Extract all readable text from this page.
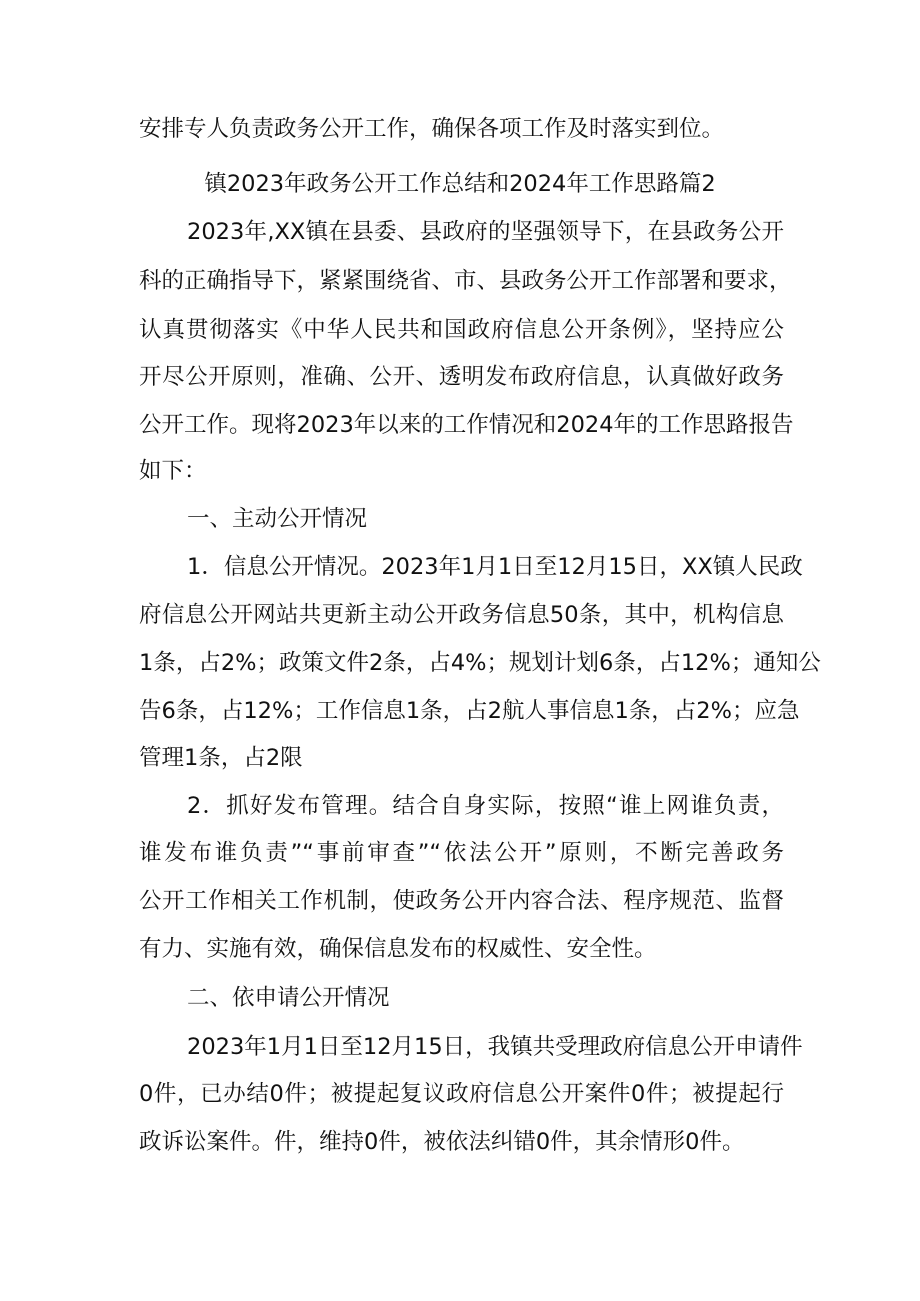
安排专人负责政务公开工作，确保各项工作及时落实到位。

镇2023年政务公开工作总结和2024年工作思路篇2

2023年,XX镇在县委、县政府的坚强领导下，在县政务公开

科的正确指导下，紧紧围绕省、市、县政务公开工作部署和要求，

认真贯彻落实《中华人民共和国政府信息公开条例》，坚持应公

开尽公开原则，准确、公开、透明发布政府信息，认真做好政务

公开工作。现将2023年以来的工作情况和2024年的工作思路报告

如下：

一、主动公开情况

1．信息公开情况。2023年1月1日至12月15日，XX镇人民政

府信息公开网站共更新主动公开政务信息50条，其中，机构信息

1条，占2%；政策文件2条，占4%；规划计划6条，占12%；通知公

告6条，占12%；工作信息1条，占2航人事信息1条，占2%；应急

管理1条，占2限

2．抓好发布管理。结合自身实际，按照“谁上网谁负责，

谁发布谁负责”“事前审查”“依法公开”原则，不断完善政务

公开工作相关工作机制，使政务公开内容合法、程序规范、监督

有力、实施有效，确保信息发布的权威性、安全性。

二、依申请公开情况

2023年1月1日至12月15日，我镇共受理政府信息公开申请件

0件，已办结0件；被提起复议政府信息公开案件0件；被提起行

政诉讼案件。件，维持0件，被依法纠错0件，其余情形0件。
